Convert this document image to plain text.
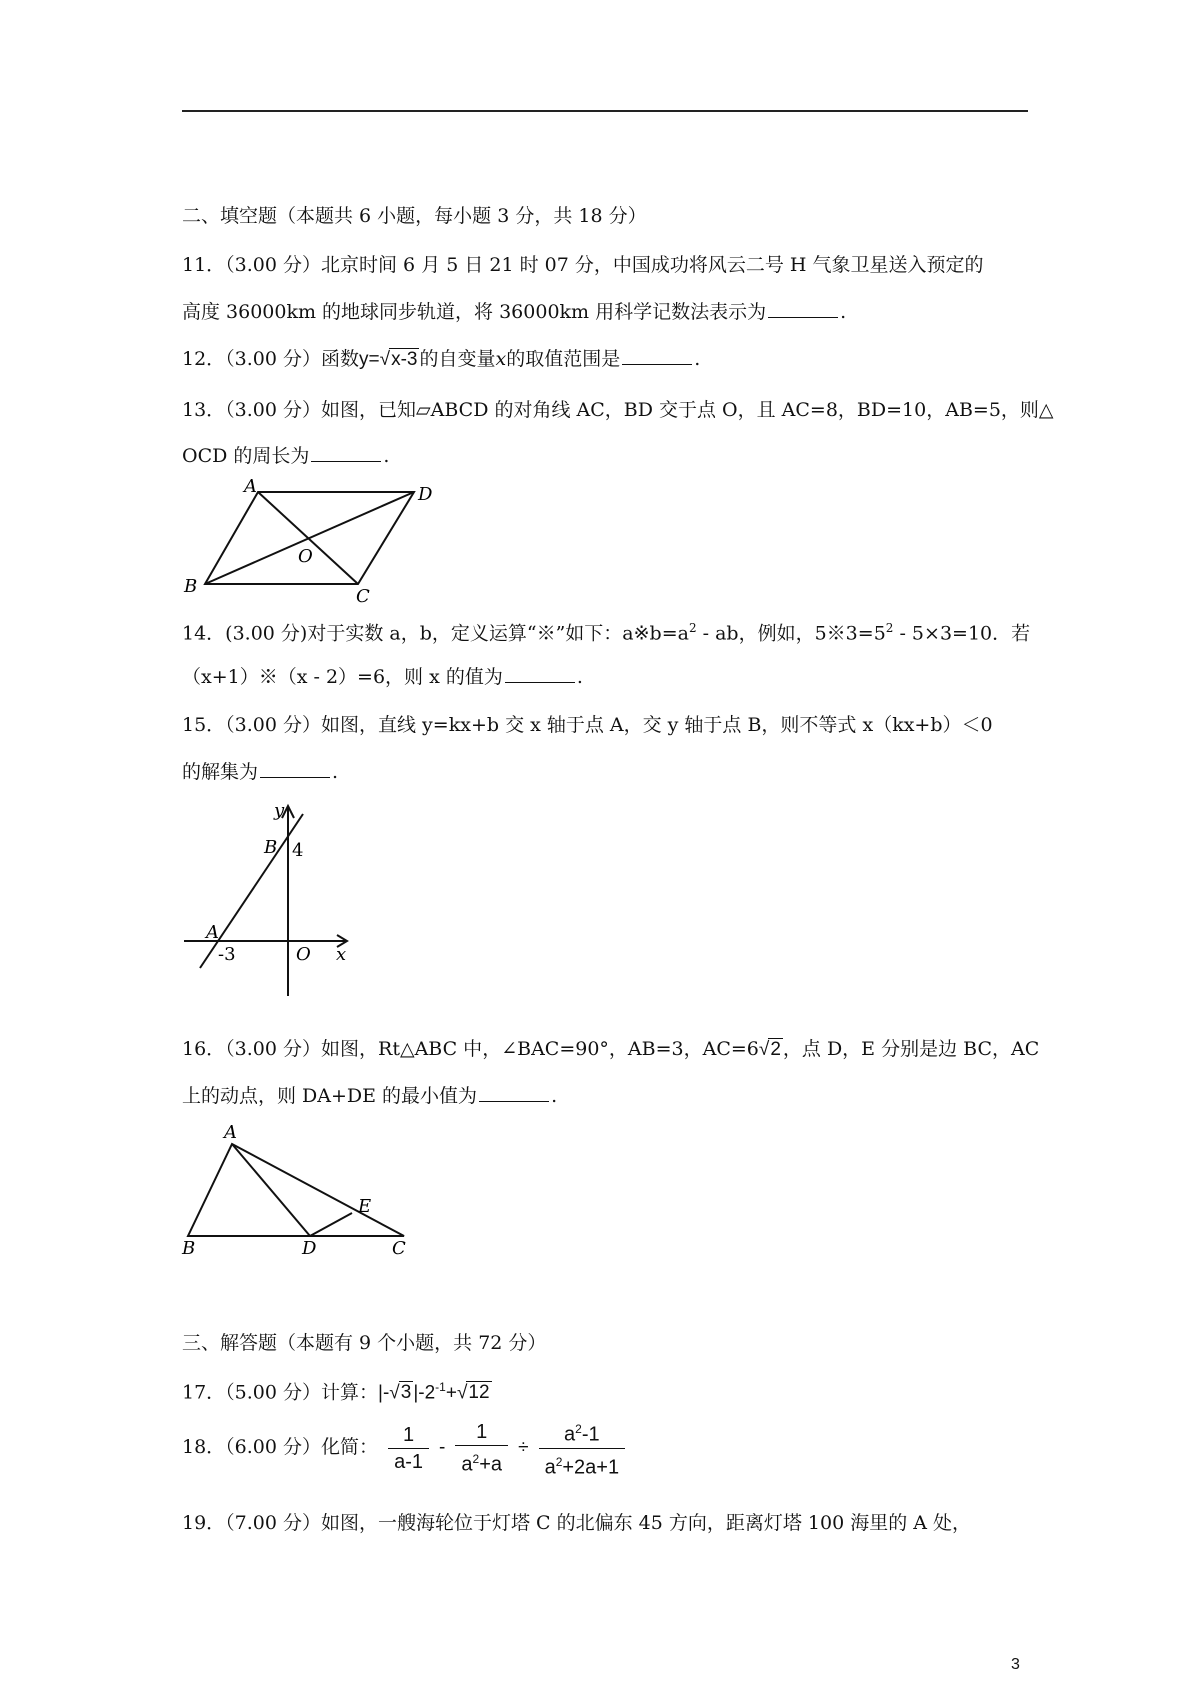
二、填空题（本题共 6 小题，每小题 3 分，共 18 分）
11．（3.00 分）北京时间 6 月 5 日 21 时 07 分，中国成功将风云二号 H 气象卫星送入预定的
高度 36000km 的地球同步轨道，将 36000km 用科学记数法表示为	.
12．（3.00 分）函数y=√x-3 的自变量x的取值范围是	.
13．（3.00 分）如图，已知▱ABCD 的对角线 AC，BD 交于点 O，且 AC=8，BD=10，AB=5，则△
OCD 的周长为	.
A	D
B	C
O
14．(3.00 分)对于实数 a，b，定义运算“※”如下：$a※b=a^2$ - ab，例如，$5※3=5^2 - 5\times 3=10$．若
（x+1）※（x - 2）=6，则 x 的值为	.
15．（3.00 分）如图，直线 y=kx+b 交 x 轴于点 A，交 y 轴于点 B，则不等式 x（kx+b）＜0
的解集为	.
y
B 4
A
-3	O x
16．（3.00 分）如图，Rt△ABC 中，∠BAC=90°，AB=3，AC=6√2 ，点 D，E 分别是边 BC，AC
上的动点，则 DA+DE 的最小值为	.
A
B	D	C
E
三、解答题（本题有 9 个小题，共 72 分）
17．（5.00 分）计算：|-√3 $|-2^{-1}+√12$
18．（6.00 分）化简： $\frac{1}{a-1} - \frac{1}{a^2+a} \div \frac{a^2-1}{a^2+2a+1}$
19．（7.00 分）如图，一艘海轮位于灯塔 C 的北偏东 45 方向，距离灯塔 100 海里的 A 处，
3
